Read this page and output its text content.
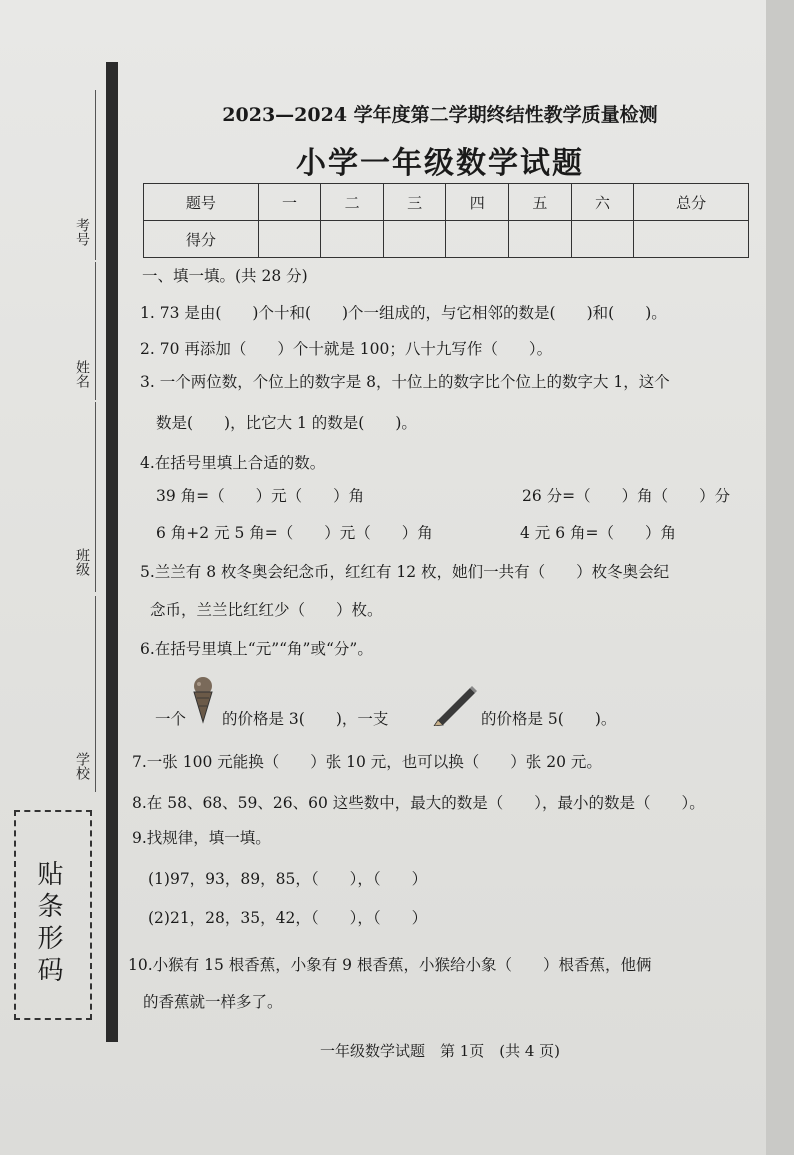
考号
姓名
班级
学校
贴条形码
2023—2024 学年度第二学期终结性教学质量检测
小学一年级数学试题
题号	一	二	三	四	五	六	总分
得分							
一、填一填。(共 28 分)
1. 73 是由(　　)个十和(　　)个一组成的，与它相邻的数是(　　)和(　　)。
2. 70 再添加（　　）个十就是 100；八十九写作（　　）。
3. 一个两位数，个位上的数字是 8，十位上的数字比个位上的数字大 1，这个
数是(　　)，比它大 1 的数是(　　)。
4.在括号里填上合适的数。
39 角=（　　）元（　　）角	26 分=（　　）角（　　）分
6 角+2 元 5 角=（　　）元（　　）角	4 元 6 角=（　　）角
5.兰兰有 8 枚冬奥会纪念币，红红有 12 枚，她们一共有（　　）枚冬奥会纪
念币，兰兰比红红少（　　）枚。
6.在括号里填上“元”“角”或“分”。
一个 的价格是 3(　　)，一支	的价格是 5(　　)。
7.一张 100 元能换（　　）张 10 元，也可以换（　　）张 20 元。
8.在 58、68、59、26、60 这些数中，最大的数是（　　），最小的数是（　　）。
9.找规律，填一填。
(1)97，93，89，85，（　　），（　　）
(2)21，28，35，42，（　　），（　　）
10.小猴有 15 根香蕉，小象有 9 根香蕉，小猴给小象（　　）根香蕉，他俩
的香蕉就一样多了。
一年级数学试题　第 1页　(共 4 页)
